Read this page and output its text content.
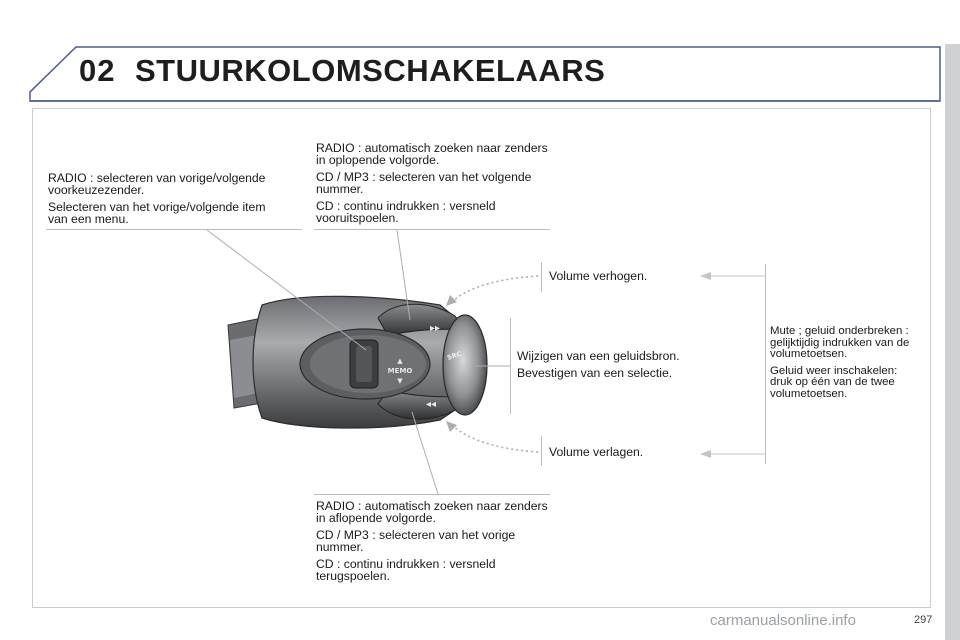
02 STUURKOLOMSCHAKELAARS
▸▸
◂◂
MEMO
▲
▼
SRC

RADIO : selecteren van vorige/volgende voorkeuzezender.

Selecteren van het vorige/volgende item van een menu.

RADIO : automatisch zoeken naar zenders in oplopende volgorde.

CD / MP3 : selecteren van het volgende nummer.

CD : continu indrukken : versneld vooruitspoelen.

Volume verhogen.

Wijzigen van een geluidsbron.

Bevestigen van een selectie.

Volume verlagen.

Mute ; geluid onderbreken : gelijktijdig indrukken van de volumetoetsen.

Geluid weer inschakelen: druk op één van de twee volumetoetsen.

RADIO : automatisch zoeken naar zenders in aflopende volgorde.

CD / MP3 : selecteren van het vorige nummer.

CD : continu indrukken : versneld terugspoelen.

carmanualsonline.info	297
